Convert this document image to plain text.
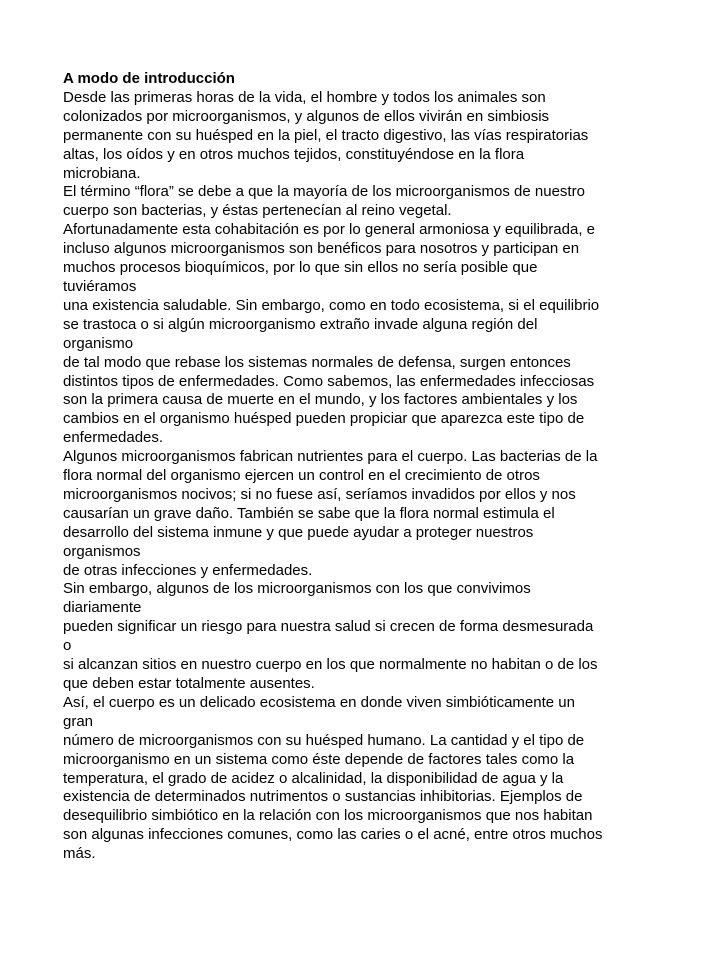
A modo de introducción
Desde las primeras horas de la vida, el hombre y todos los animales son
colonizados por microorganismos, y algunos de ellos vivirán en simbiosis
permanente con su huésped en la piel, el tracto digestivo, las vías respiratorias
altas, los oídos y en otros muchos tejidos, constituyéndose en la flora
microbiana.
El término “flora” se debe a que la mayoría de los microorganismos de nuestro
cuerpo son bacterias, y éstas pertenecían al reino vegetal.
Afortunadamente esta cohabitación es por lo general armoniosa y equilibrada, e
incluso algunos microorganismos son benéficos para nosotros y participan en
muchos procesos bioquímicos, por lo que sin ellos no sería posible que
tuviéramos
una existencia saludable. Sin embargo, como en todo ecosistema, si el equilibrio
se trastoca o si algún microorganismo extraño invade alguna región del
organismo
de tal modo que rebase los sistemas normales de defensa, surgen entonces
distintos tipos de enfermedades. Como sabemos, las enfermedades infecciosas
son la primera causa de muerte en el mundo, y los factores ambientales y los
cambios en el organismo huésped pueden propiciar que aparezca este tipo de
enfermedades.
Algunos microorganismos fabrican nutrientes para el cuerpo. Las bacterias de la
flora normal del organismo ejercen un control en el crecimiento de otros
microorganismos nocivos; si no fuese así, seríamos invadidos por ellos y nos
causarían un grave daño. También se sabe que la flora normal estimula el
desarrollo del sistema inmune y que puede ayudar a proteger nuestros
organismos
de otras infecciones y enfermedades.
Sin embargo, algunos de los microorganismos con los que convivimos
diariamente
pueden significar un riesgo para nuestra salud si crecen de forma desmesurada
o
si alcanzan sitios en nuestro cuerpo en los que normalmente no habitan o de los
que deben estar totalmente ausentes.
Así, el cuerpo es un delicado ecosistema en donde viven simbióticamente un
gran
número de microorganismos con su huésped humano. La cantidad y el tipo de
microorganismo en un sistema como éste depende de factores tales como la
temperatura, el grado de acidez o alcalinidad, la disponibilidad de agua y la
existencia de determinados nutrimentos o sustancias inhibitorias. Ejemplos de
desequilibrio simbiótico en la relación con los microorganismos que nos habitan
son algunas infecciones comunes, como las caries o el acné, entre otros muchos
más.
